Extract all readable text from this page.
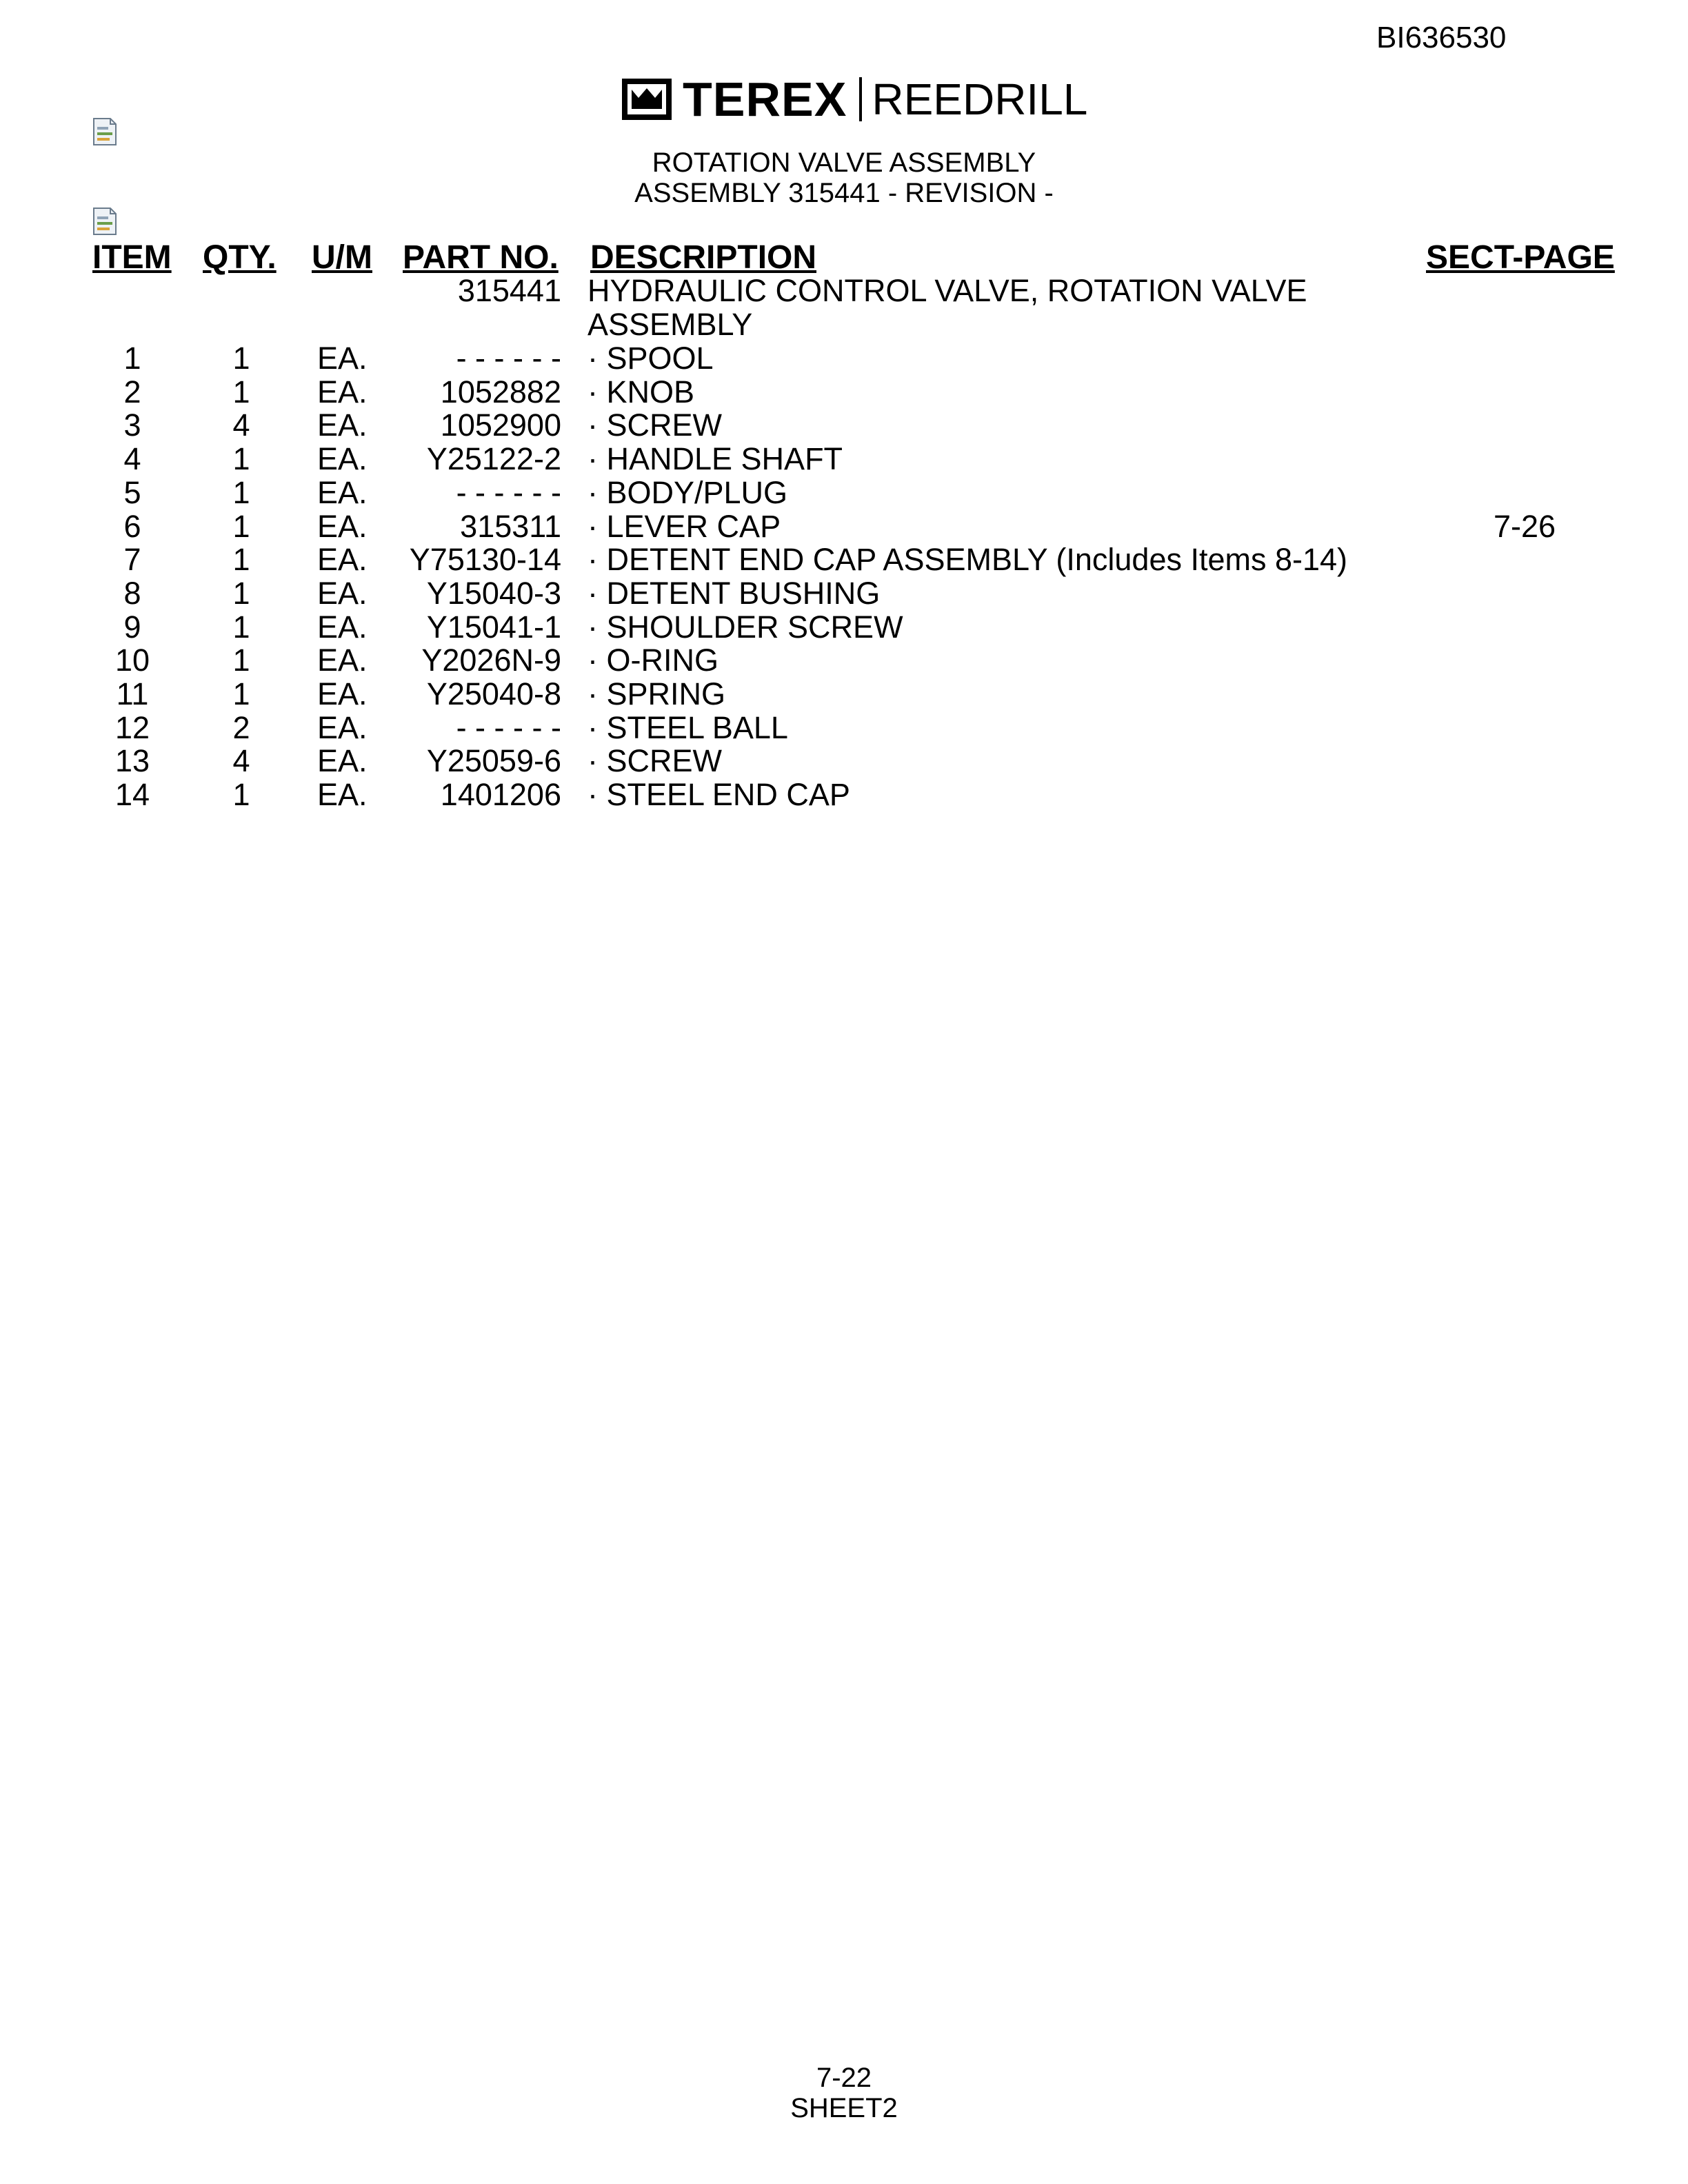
BI636530
TEREX REEDRILL
ROTATION VALVE ASSEMBLY
ASSEMBLY 315441 - REVISION -
ITEM QTY. U/M PART NO. DESCRIPTION	SECT-PAGE
315441 HYDRAULIC CONTROL VALVE, ROTATION VALVE
ASSEMBLY
1	1	EA.	- - - - - - · SPOOL
2	1	EA. 1052882 · KNOB
3	4	EA. 1052900 · SCREW
4	1	EA. Y25122-2 · HANDLE SHAFT
5	1	EA.	- - - - - - · BODY/PLUG
6	1	EA.	315311 · LEVER CAP	7-26
7	1	EA. Y75130-14 · DETENT END CAP ASSEMBLY (Includes Items 8-14)
8	1	EA. Y15040-3 · DETENT BUSHING
9	1	EA. Y15041-1 · SHOULDER SCREW
10	1	EA. Y2026N-9 · O-RING
11	1	EA. Y25040-8 · SPRING
12	2	EA.	- - - - - - · STEEL BALL
13	4	EA. Y25059-6 · SCREW
14	1	EA. 1401206 · STEEL END CAP
7-22
SHEET2
